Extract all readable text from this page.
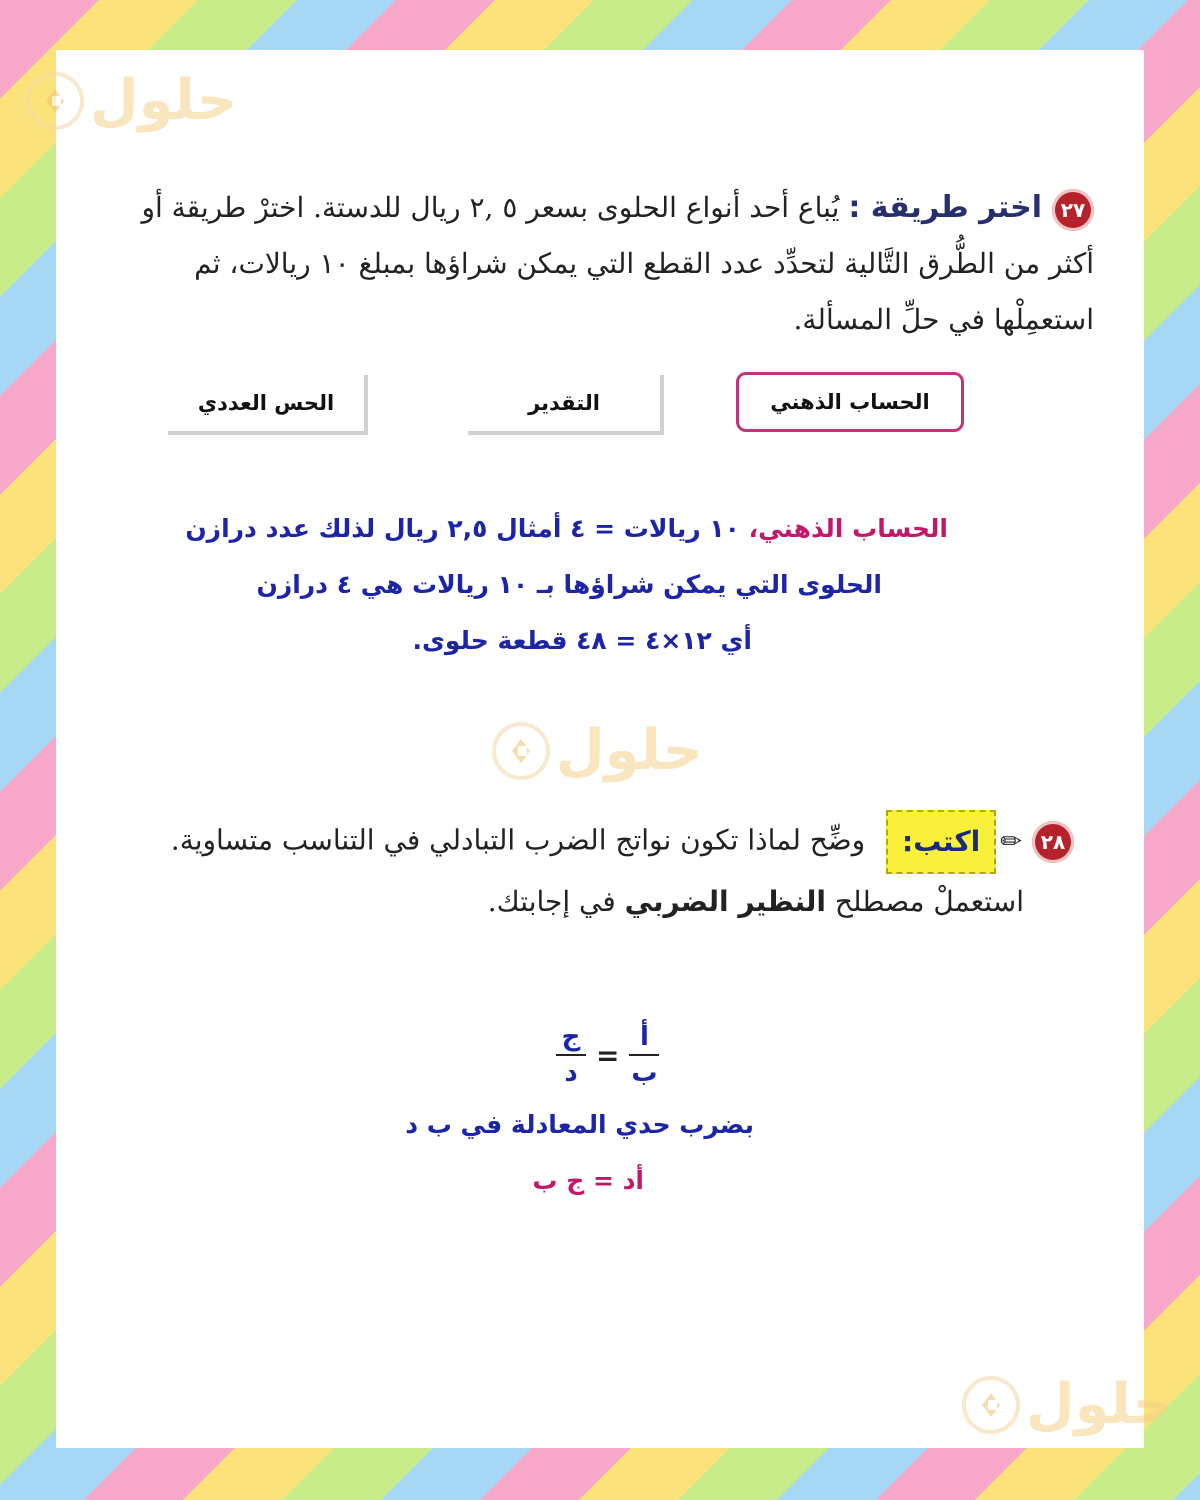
حلول
٢٧اختر طريقة : يُباع أحد أنواع الحلوى بسعر ٥ ,٢ ريال للدستة. اخترْ طريقة أو
أكثر من الطُّرق التَّالية لتحدِّد عدد القطع التي يمكن شراؤها بمبلغ ١٠ ريالات، ثم
استعمِلْها في حلِّ المسألة.
الحساب الذهني
التقدير
الحس العددي
الحساب الذهني، ١٠ ريالات = ٤ أمثال ٢,٥ ريال لذلك عدد درازن
الحلوى التي يمكن شراؤها بـ ١٠ ريالات هي ٤ درازن
أي ١٢×٤ = ٤٨ قطعة حلوى.
حلول
٢٨✏اكتب: وضِّح لماذا تكون نواتج الضرب التبادلي في التناسب متساوية.
استعملْ مصطلح النظير الضربي في إجابتك.
$\frac{\text{أ}}{\text{ب}}$
=
$\frac{\text{ج}}{\text{د}}$
بضرب حدي المعادلة في ب د
أد = ج ب
حلول
